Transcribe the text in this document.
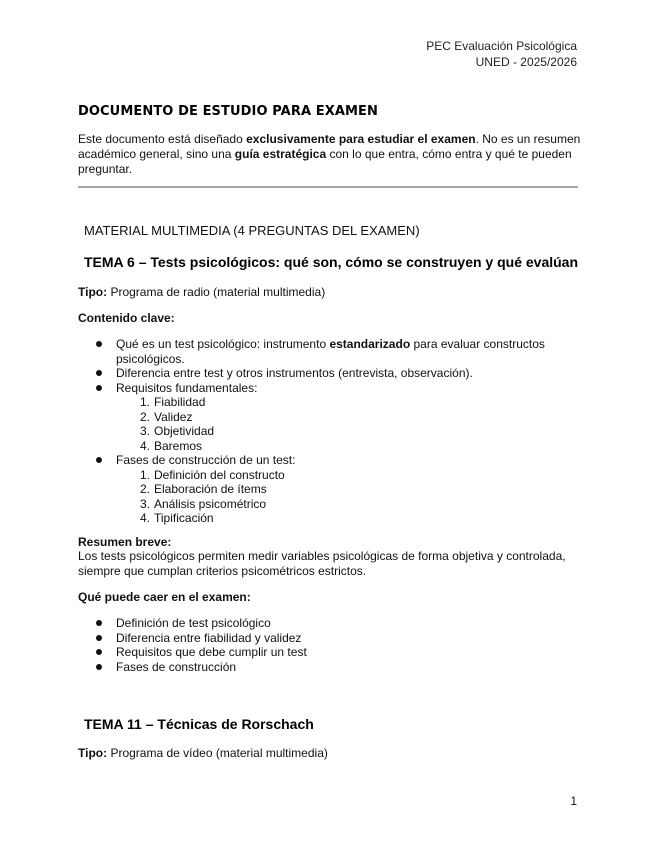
PEC Evaluación Psicológica
UNED - 2025/2026
DOCUMENTO DE ESTUDIO PARA EXAMEN

Este documento está diseñado exclusivamente para estudiar el examen. No es un resumen académico general, sino una guía estratégica con lo que entra, cómo entra y qué te pueden preguntar.

MATERIAL MULTIMEDIA (4 PREGUNTAS DEL EXAMEN)
TEMA 6 – Tests psicológicos: qué son, cómo se construyen y qué evalúan

Tipo: Programa de radio (material multimedia)

Contenido clave:

Qué es un test psicológico: instrumento estandarizado para evaluar constructos psicológicos.
Diferencia entre test y otros instrumentos (entrevista, observación).
Requisitos fundamentales:
1. Fiabilidad
2. Validez
3. Objetividad
4. Baremos
Fases de construcción de un test:
1. Definición del constructo
2. Elaboración de ítems
3. Análisis psicométrico
4. Tipificación

Resumen breve:

Los tests psicológicos permiten medir variables psicológicas de forma objetiva y controlada, siempre que cumplan criterios psicométricos estrictos.

Qué puede caer en el examen:

Definición de test psicológico
Diferencia entre fiabilidad y validez
Requisitos que debe cumplir un test
Fases de construcción
TEMA 11 – Técnicas de Rorschach

Tipo: Programa de vídeo (material multimedia)

1
